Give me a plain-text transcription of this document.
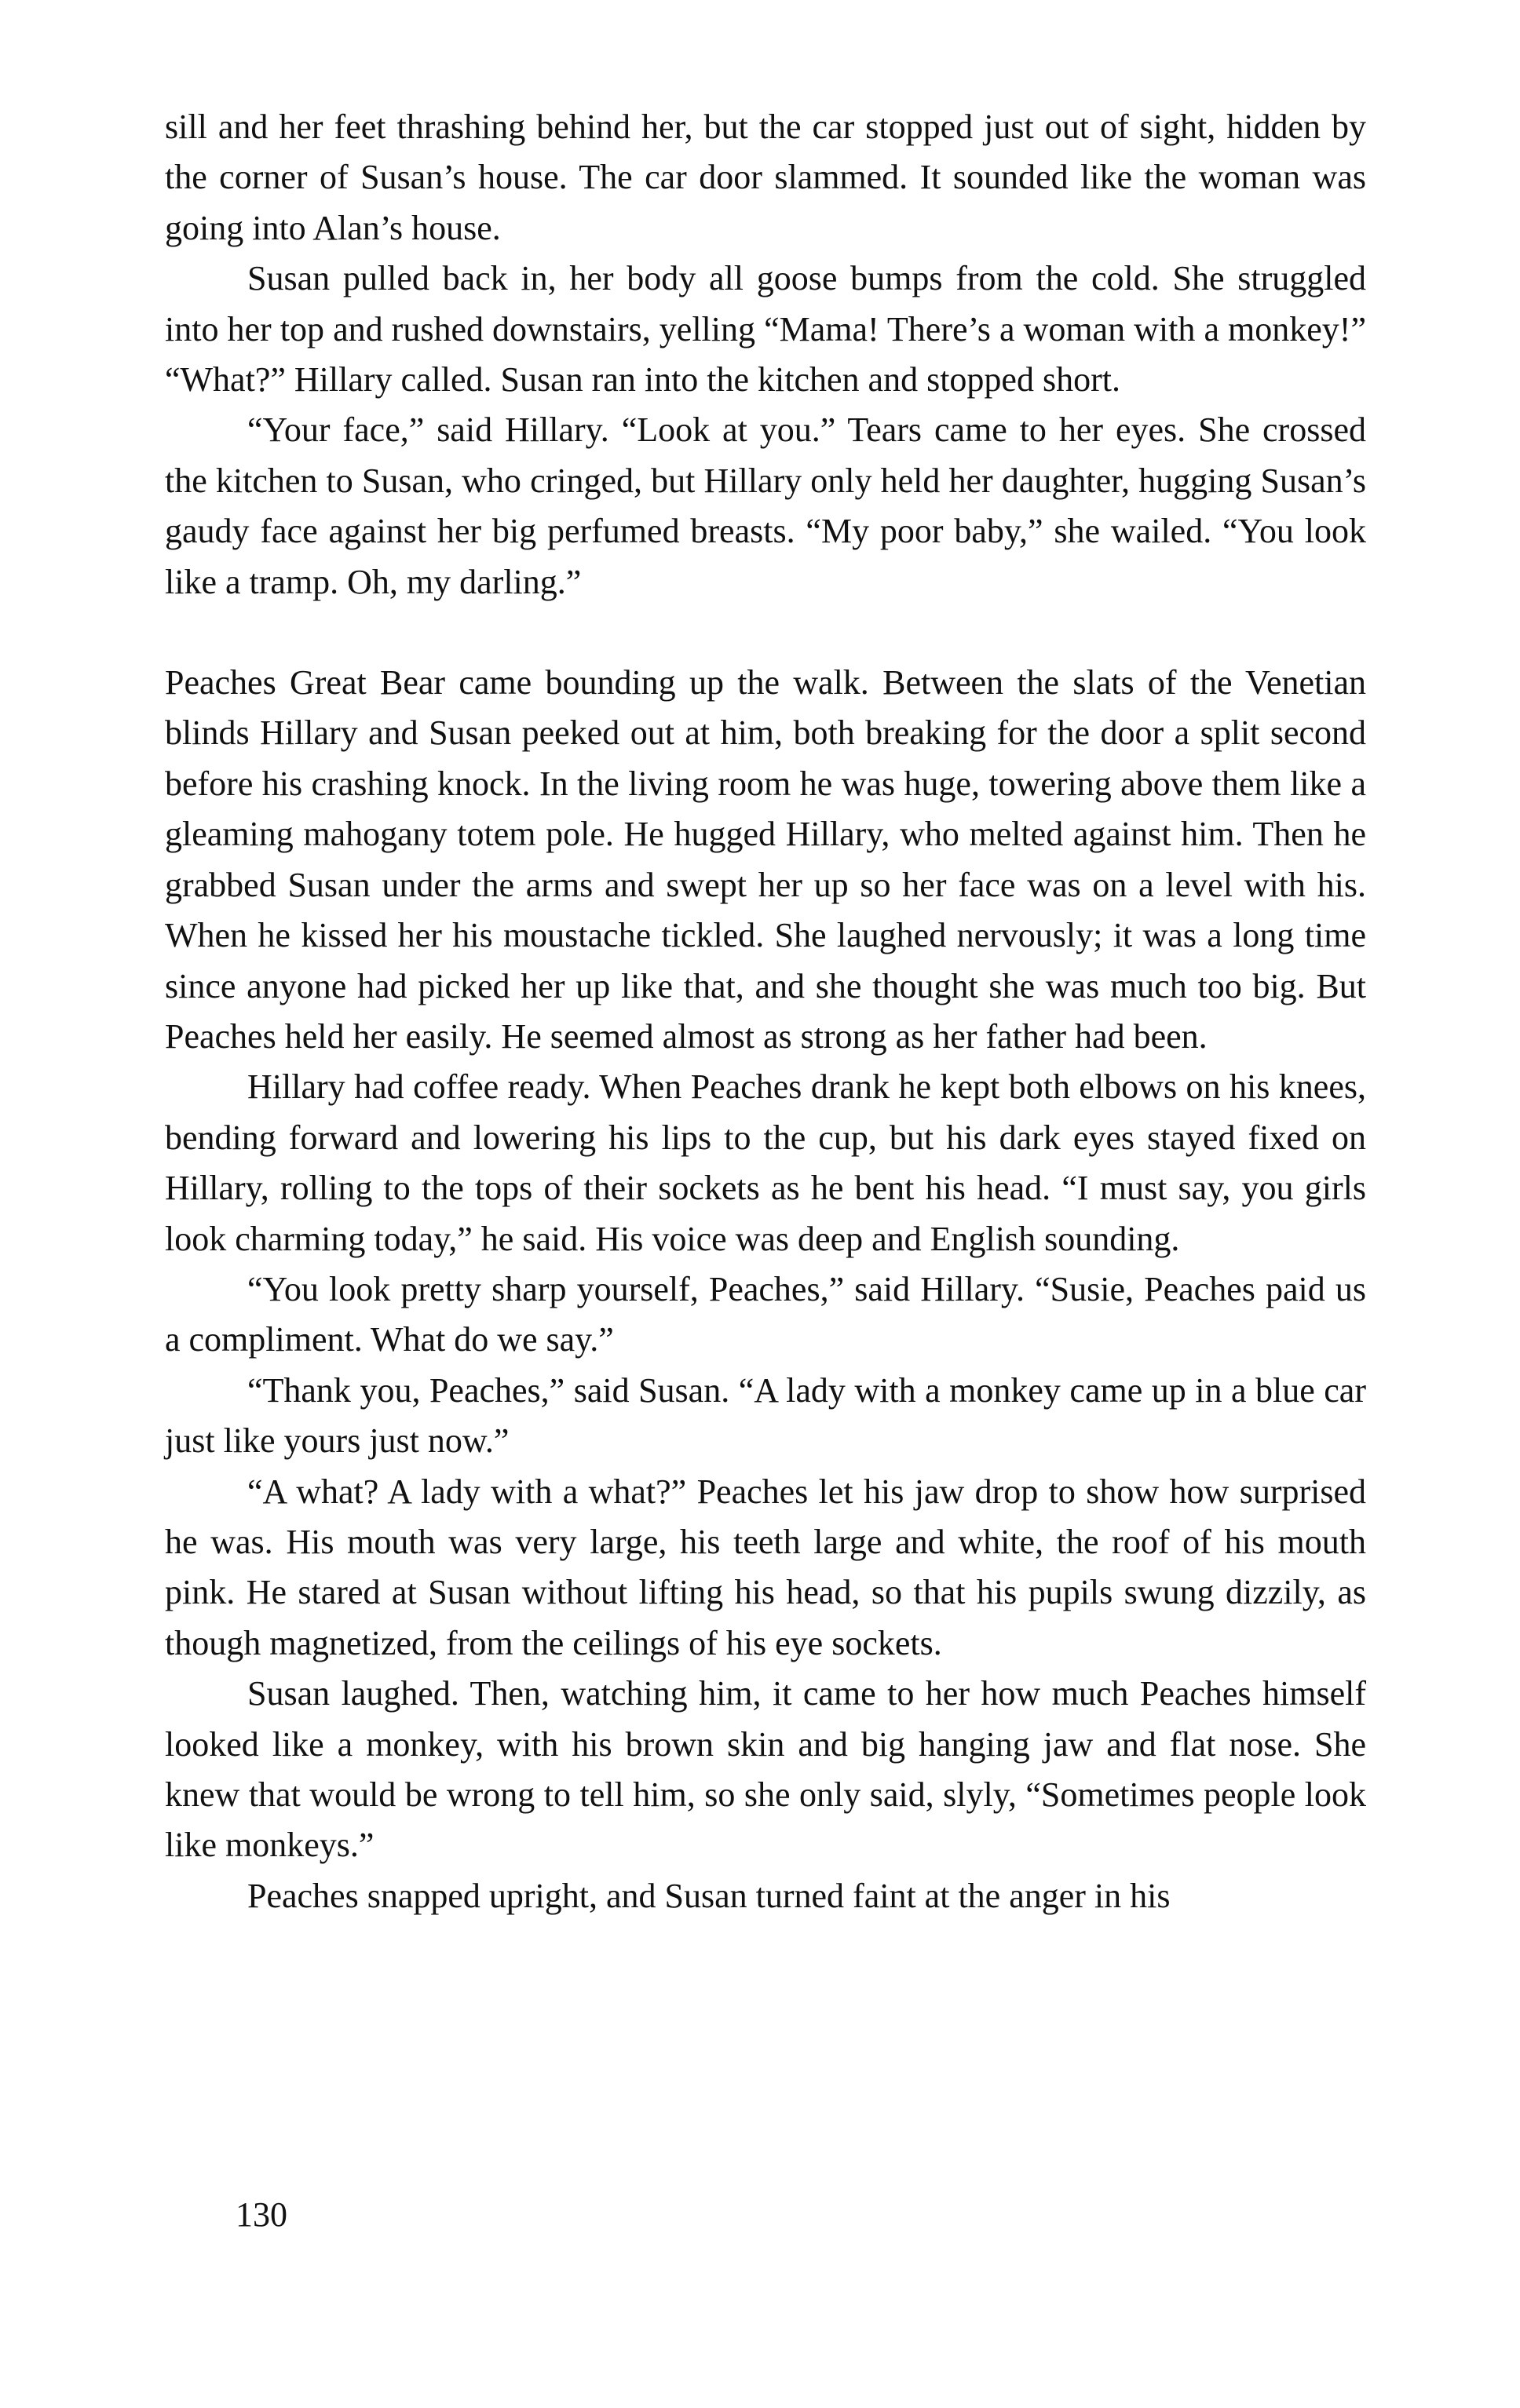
sill and her feet thrashing behind her, but the car stopped just out of sight, hidden by the corner of Susan’s house. The car door slammed. It sounded like the woman was going into Alan’s house.

Susan pulled back in, her body all goose bumps from the cold. She struggled into her top and rushed downstairs, yelling “Mama! There’s a woman with a monkey!” “What?” Hillary called. Susan ran into the kitchen and stopped short.

“Your face,” said Hillary. “Look at you.” Tears came to her eyes. She crossed the kitchen to Susan, who cringed, but Hillary only held her daughter, hugging Susan’s gaudy face against her big perfumed breasts. “My poor baby,” she wailed. “You look like a tramp. Oh, my darling.”

Peaches Great Bear came bounding up the walk. Between the slats of the Venetian blinds Hillary and Susan peeked out at him, both breaking for the door a split second before his crashing knock. In the living room he was huge, towering above them like a gleaming mahogany totem pole. He hugged Hillary, who melted against him. Then he grabbed Susan under the arms and swept her up so her face was on a level with his. When he kissed her his moustache tickled. She laughed nervously; it was a long time since anyone had picked her up like that, and she thought she was much too big. But Peaches held her easily. He seemed almost as strong as her father had been.

Hillary had coffee ready. When Peaches drank he kept both elbows on his knees, bending forward and lowering his lips to the cup, but his dark eyes stayed fixed on Hillary, rolling to the tops of their sockets as he bent his head. “I must say, you girls look charming today,” he said. His voice was deep and English sounding.

“You look pretty sharp yourself, Peaches,” said Hillary. “Susie, Peaches paid us a compliment. What do we say.”

“Thank you, Peaches,” said Susan. “A lady with a monkey came up in a blue car just like yours just now.”

“A what? A lady with a what?” Peaches let his jaw drop to show how surprised he was. His mouth was very large, his teeth large and white, the roof of his mouth pink. He stared at Susan without lifting his head, so that his pupils swung dizzily, as though magnetized, from the ceilings of his eye sockets.

Susan laughed. Then, watching him, it came to her how much Peaches himself looked like a monkey, with his brown skin and big hanging jaw and flat nose. She knew that would be wrong to tell him, so she only said, slyly, “Sometimes people look like monkeys.”

Peaches snapped upright, and Susan turned faint at the anger in his

130
